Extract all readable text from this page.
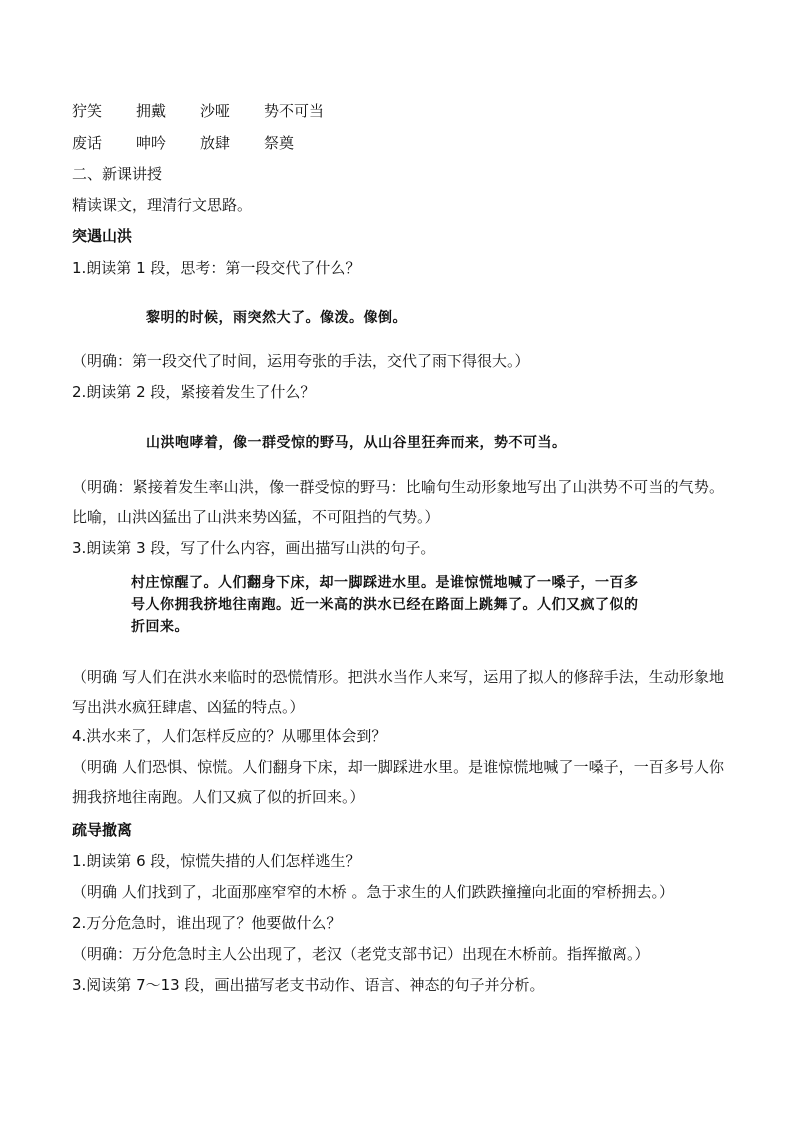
狞笑	拥戴	沙哑	势不可当
废话	呻吟	放肆	祭奠
二、新课讲授
精读课文，理清行文思路。
突遇山洪
1.朗读第 1 段，思考：第一段交代了什么？
黎明的时候，雨突然大了。像泼。像倒。
（明确：第一段交代了时间，运用夸张的手法，交代了雨下得很大。）
2.朗读第 2 段，紧接着发生了什么？
山洪咆哮着，像一群受惊的野马，从山谷里狂奔而来，势不可当。
（明确：紧接着发生率山洪，像一群受惊的野马：比喻句生动形象地写出了山洪势不可当的气势。比喻，山洪凶猛出了山洪来势凶猛，不可阻挡的气势。）
3.朗读第 3 段，写了什么内容，画出描写山洪的句子。
村庄惊醒了。人们翻身下床，却一脚踩进水里。是谁惊慌地喊了一嗓子，一百多
号人你拥我挤地往南跑。近一米高的洪水已经在路面上跳舞了。人们又疯了似的
折回来。
（明确 写人们在洪水来临时的恐慌情形。把洪水当作人来写，运用了拟人的修辞手法，生动形象地写出洪水疯狂肆虐、凶猛的特点。）
4.洪水来了，人们怎样反应的？从哪里体会到？
（明确 人们恐惧、惊慌。人们翻身下床，却一脚踩进水里。是谁惊慌地喊了一嗓子，一百多号人你拥我挤地往南跑。人们又疯了似的折回来。）
疏导撤离
1.朗读第 6 段，惊慌失措的人们怎样逃生？
（明确 人们找到了，北面那座窄窄的木桥 。急于求生的人们跌跌撞撞向北面的窄桥拥去。）
2.万分危急时，谁出现了？他要做什么？
（明确：万分危急时主人公出现了，老汉（老党支部书记）出现在木桥前。指挥撤离。）
3.阅读第 7～13 段，画出描写老支书动作、语言、神态的句子并分析。
